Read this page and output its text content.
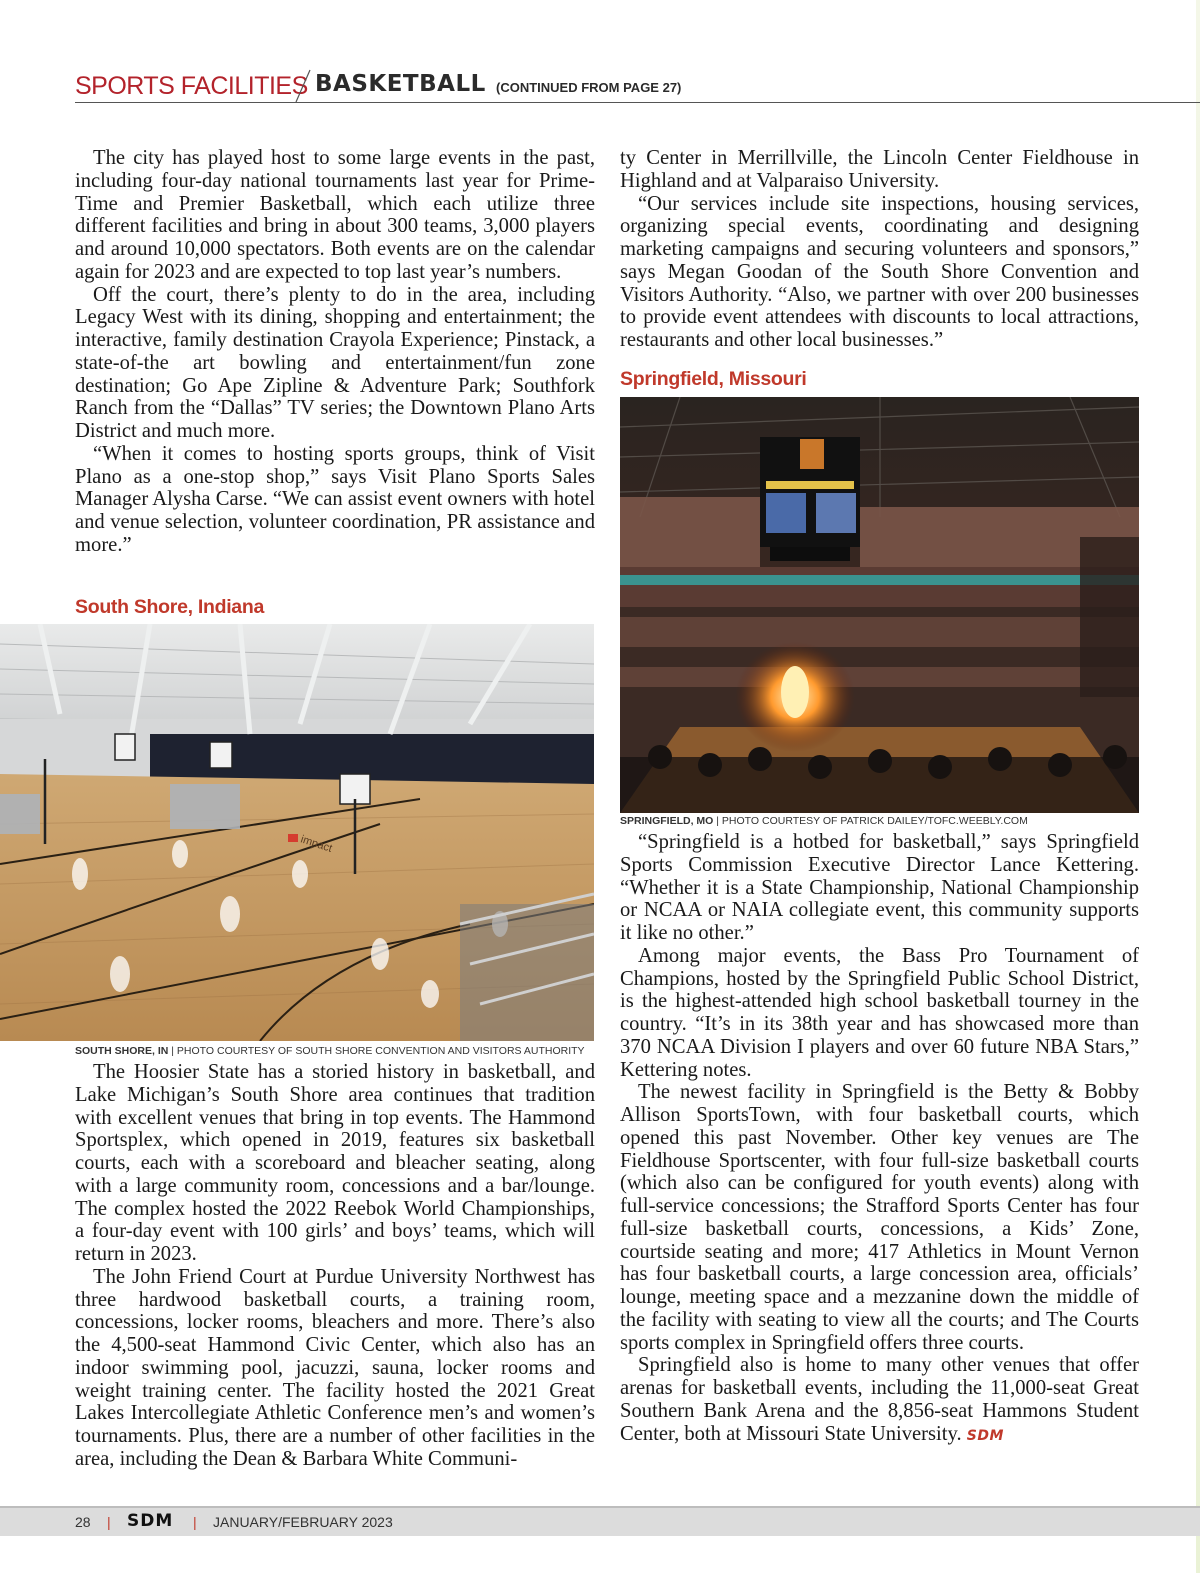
SPORTS FACILITIES BASKETBALL (CONTINUED FROM PAGE 27)

The city has played host to some large events in the past, including four-day national tournaments last year for Prime-Time and Premier Basketball, which each utilize three different facilities and bring in about 300 teams, 3,000 players and around 10,000 spectators. Both events are on the calendar again for 2023 and are expected to top last year’s numbers.

Off the court, there’s plenty to do in the area, including Legacy West with its dining, shopping and entertainment; the interactive, family destination Crayola Experience; Pinstack, a state-of-the art bowling and entertainment/fun zone destination; Go Ape Zipline & Adventure Park; Southfork Ranch from the “Dallas” TV series; the Downtown Plano Arts District and much more.

“When it comes to hosting sports groups, think of Visit Plano as a one-stop shop,” says Visit Plano Sports Sales Manager Alysha Carse. “We can assist event owners with hotel and venue selection, volunteer coordination, PR assistance and more.”

South Shore, Indiana
impact
SOUTH SHORE, IN | PHOTO COURTESY OF SOUTH SHORE CONVENTION AND VISITORS AUTHORITY

The Hoosier State has a storied history in basketball, and Lake Michigan’s South Shore area continues that tradition with excellent venues that bring in top events. The Hammond Sportsplex, which opened in 2019, features six basketball courts, each with a scoreboard and bleacher seating, along with a large community room, concessions and a bar/lounge. The complex hosted the 2022 Reebok World Championships, a four-day event with 100 girls’ and boys’ teams, which will return in 2023.

The John Friend Court at Purdue University Northwest has three hardwood basketball courts, a training room, concessions, locker rooms, bleachers and more. There’s also the 4,500-seat Hammond Civic Center, which also has an indoor swimming pool, jacuzzi, sauna, locker rooms and weight training center. The facility hosted the 2021 Great Lakes Intercollegiate Athletic Conference men’s and women’s tournaments. Plus, there are a number of other facilities in the area, including the Dean & Barbara White Communi-

ty Center in Merrillville, the Lincoln Center Fieldhouse in Highland and at Valparaiso University.

“Our services include site inspections, housing services, organizing special events, coordinating and designing marketing campaigns and securing volunteers and sponsors,” says Megan Goodan of the South Shore Convention and Visitors Authority. “Also, we partner with over 200 businesses to provide event attendees with discounts to local attractions, restaurants and other local businesses.”

Springfield, Missouri
SPRINGFIELD, MO | PHOTO COURTESY OF PATRICK DAILEY/TOFC.WEEBLY.COM

“Springfield is a hotbed for basketball,” says Springfield Sports Commission Executive Director Lance Kettering. “Whether it is a State Championship, National Championship or NCAA or NAIA collegiate event, this community supports it like no other.”

Among major events, the Bass Pro Tournament of Champions, hosted by the Springfield Public School District, is the highest-attended high school basketball tourney in the country. “It’s in its 38th year and has showcased more than 370 NCAA Division I players and over 60 future NBA Stars,” Kettering notes.

The newest facility in Springfield is the Betty & Bobby Allison SportsTown, with four basketball courts, which opened this past November. Other key venues are The Fieldhouse Sportscenter, with four full-size basketball courts (which also can be configured for youth events) along with full-service concessions; the Strafford Sports Center has four full-size basketball courts, concessions, a Kids’ Zone, courtside seating and more; 417 Athletics in Mount Vernon has four basketball courts, a large concession area, officials’ lounge, meeting space and a mezzanine down the middle of the facility with seating to view all the courts; and The Courts sports complex in Springfield offers three courts.

Springfield also is home to many other venues that offer arenas for basketball events, including the 11,000-seat Great Southern Bank Arena and the 8,856-seat Hammons Student Center, both at Missouri State University. SDM

28 | SDM | JANUARY/FEBRUARY 2023
